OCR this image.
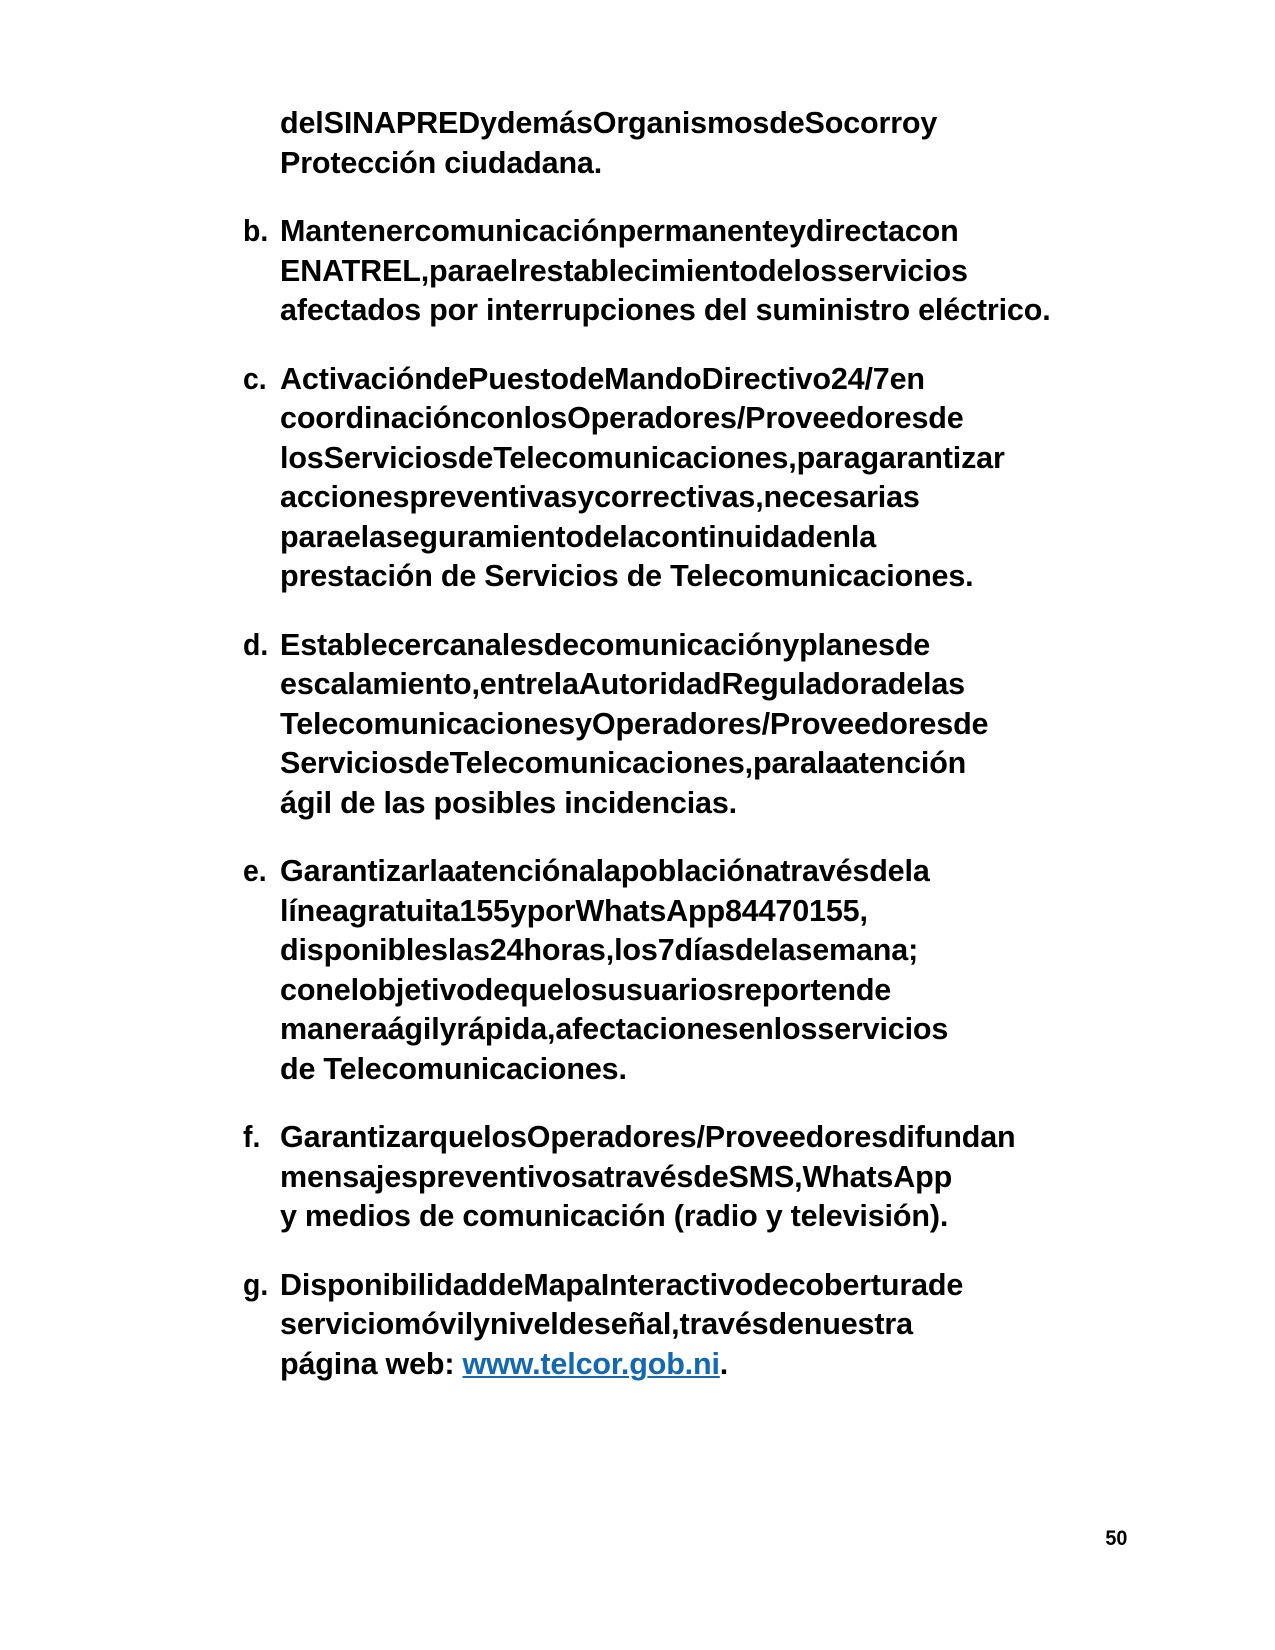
delSINAPREDydemásOrganismosdeSocorroy
Protección ciudadana.
b. Mantenercomunicaciónpermanenteydirectacon
ENATREL,paraelrestablecimientodelosservicios
afectados por interrupciones del suministro eléctrico.
c. ActivacióndePuestodeMandoDirectivo24/7en
coordinaciónconlosOperadores/Proveedoresde
losServiciosdeTelecomunicaciones,paragarantizar
accionespreventivasycorrectivas,necesarias
paraelaseguramientodelacontinuidadenla
prestación de Servicios de Telecomunicaciones.
d. Establecercanalesdecomunicaciónyplanesde
escalamiento,entrelaAutoridadReguladoradelas
TelecomunicacionesyOperadores/Proveedoresde
ServiciosdeTelecomunicaciones,paralaatención
ágil de las posibles incidencias.
e. Garantizarlaatenciónalapoblaciónatravésdela
líneagratuita155yporWhatsApp84470155,
disponibleslas24horas,los7díasdelasemana;
conelobjetivodequelosusuariosreportende
maneraágilyrápida,afectacionesenlosservicios
de Telecomunicaciones.
f. GarantizarquelosOperadores/Proveedoresdifundan
mensajespreventivosatravésdeSMS,WhatsApp
y medios de comunicación (radio y televisión).
g. DisponibilidaddeMapaInteractivodecoberturade
serviciomóvilyniveldeseñal,travésdenuestra
página web: www.telcor.gob.ni.
50
